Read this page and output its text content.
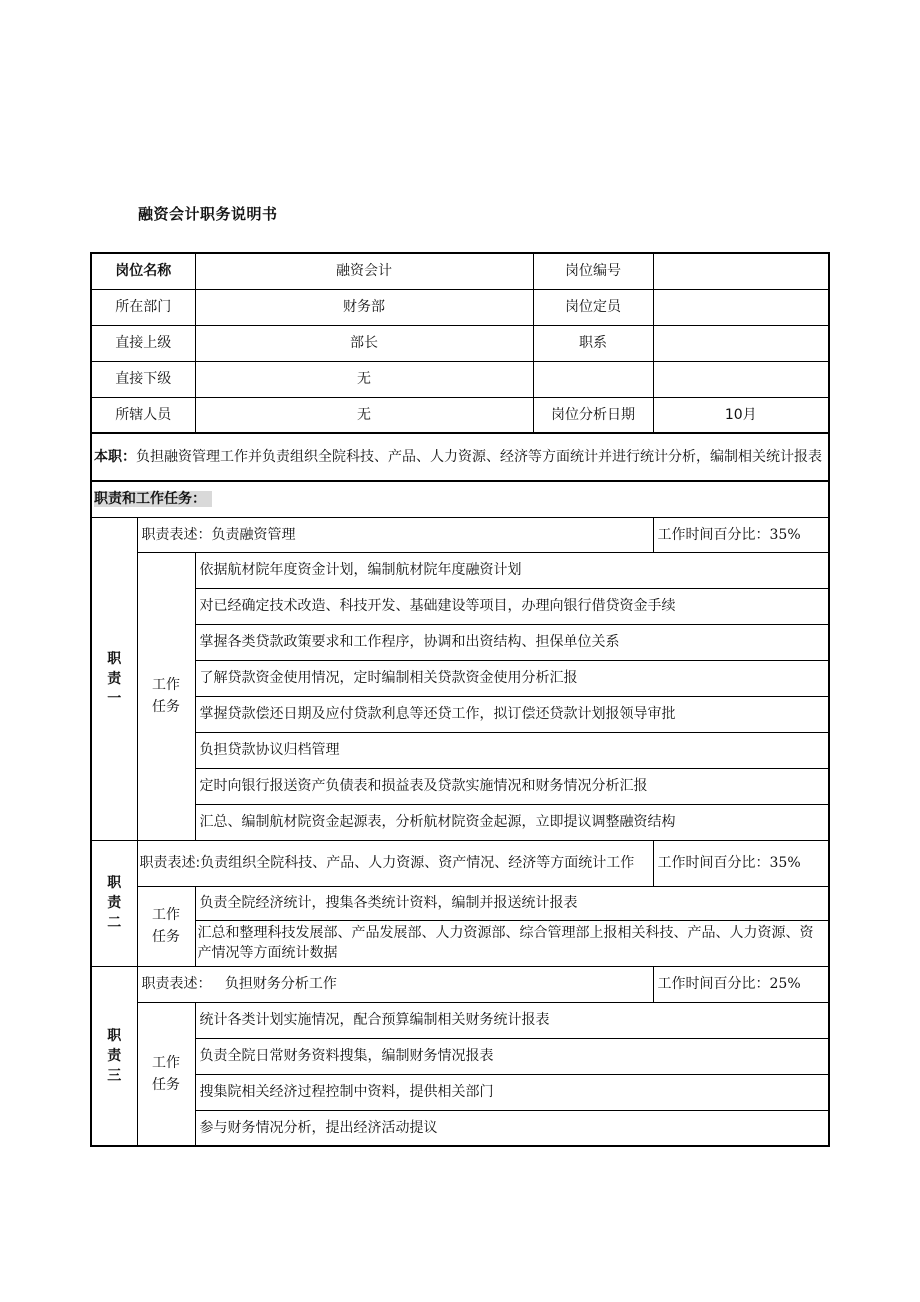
融资会计职务说明书
岗位名称		融资会计	岗位编号	
所在部门		财务部	岗位定员	
直接上级		部长	职系	
直接下级		无		
所辖人员		无	岗位分析日期	10月
本职：负担融资管理工作并负责组织全院科技、产品、人力资源、经济等方面统计并进行统计分析，编制相关统计报表				
职责和工作任务：				
职责一	职责表述：负责融资管理			工作时间百分比：35%
	工作任务	依据航材院年度资金计划，编制航材院年度融资计划		
		对已经确定技术改造、科技开发、基础建设等项目，办理向银行借贷资金手续		
		掌握各类贷款政策要求和工作程序，协调和出资结构、担保单位关系		
		了解贷款资金使用情况，定时编制相关贷款资金使用分析汇报		
		掌握贷款偿还日期及应付贷款利息等还贷工作，拟订偿还贷款计划报领导审批		
		负担贷款协议归档管理		
		定时向银行报送资产负债表和损益表及贷款实施情况和财务情况分析汇报		
		汇总、编制航材院资金起源表，分析航材院资金起源，立即提议调整融资结构		
职责二	职责表述:负责组织全院科技、产品、人力资源、资产情况、经济等方面统计工作			工作时间百分比：35%
	工作任务	负责全院经济统计，搜集各类统计资料，编制并报送统计报表		
		汇总和整理科技发展部、产品发展部、人力资源部、综合管理部上报相关科技、产品、人力资源、资产情况等方面统计数据		
职责三	职责表述： 负担财务分析工作			工作时间百分比：25%
	工作任务	统计各类计划实施情况，配合预算编制相关财务统计报表		
		负责全院日常财务资料搜集，编制财务情况报表		
		搜集院相关经济过程控制中资料，提供相关部门		
		参与财务情况分析，提出经济活动提议		
